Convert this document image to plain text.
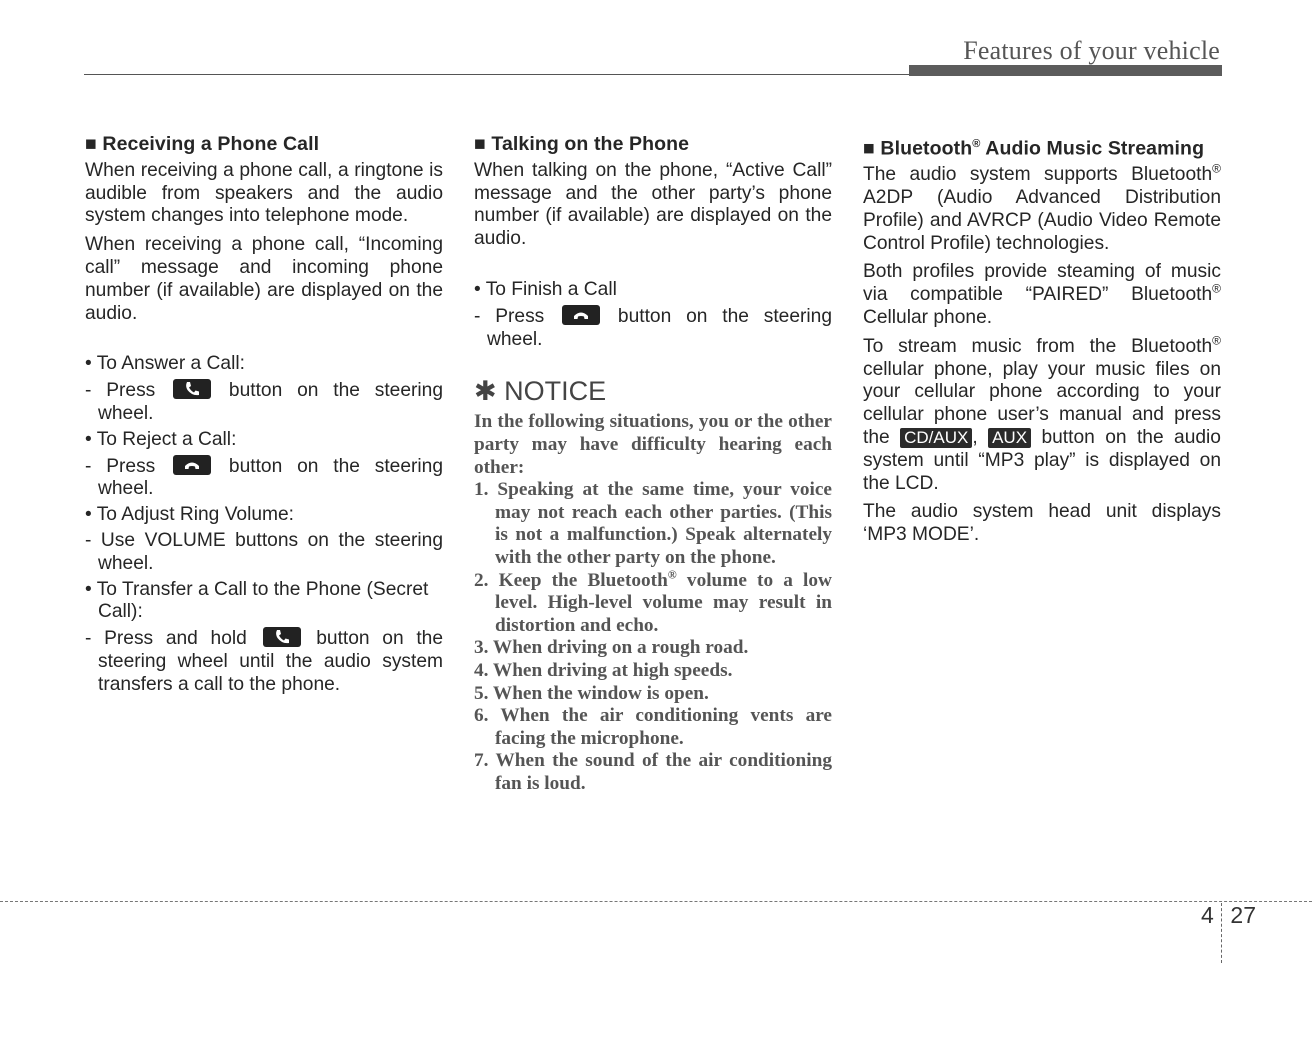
Features of your vehicle
■ Receiving a Phone Call

When receiving a phone call, a ringtone is audible from speakers and the audio system changes into telephone mode.

When receiving a phone call, “Incoming call” message and incoming phone number (if available) are displayed on the audio.

• To Answer a Call:
- Press	button on the steering wheel.
• To Reject a Call:
- Press	button on the steering wheel.
• To Adjust Ring Volume:
- Use VOLUME buttons on the steering wheel.
• To Transfer a Call to the Phone (Secret Call):
- Press and hold	button on the steering wheel until the audio system transfers a call to the phone.
■ Talking on the Phone

When talking on the phone, “Active Call” message and the other party’s phone number (if available) are displayed on the audio.

• To Finish a Call
- Press	button on the steering wheel.
✱ NOTICE

In the following situations, you or the other party may have difficulty hearing each other:

1. Speaking at the same time, your voice may not reach each other parties. (This is not a malfunction.) Speak alternately with the other party on the phone.
2. Keep the Bluetooth® volume to a low level. High-level volume may result in distortion and echo.
3. When driving on a rough road.
4. When driving at high speeds.
5. When the window is open.
6. When the air conditioning vents are facing the microphone.
7. When the sound of the air conditioning fan is loud.
■ Bluetooth® Audio Music Streaming

The audio system supports Bluetooth® A2DP (Audio Advanced Distribution Profile) and AVRCP (Audio Video Remote Control Profile) technologies.

Both profiles provide steaming of music via compatible “PAIRED” Bluetooth® Cellular phone.

To stream music from the Bluetooth® cellular phone, play your music files on your cellular phone according to your cellular phone user’s manual and press the CD/AUX , AUX button on the audio system until “MP3 play” is displayed on the LCD.

The audio system head unit displays ‘MP3 MODE’.

4 27
